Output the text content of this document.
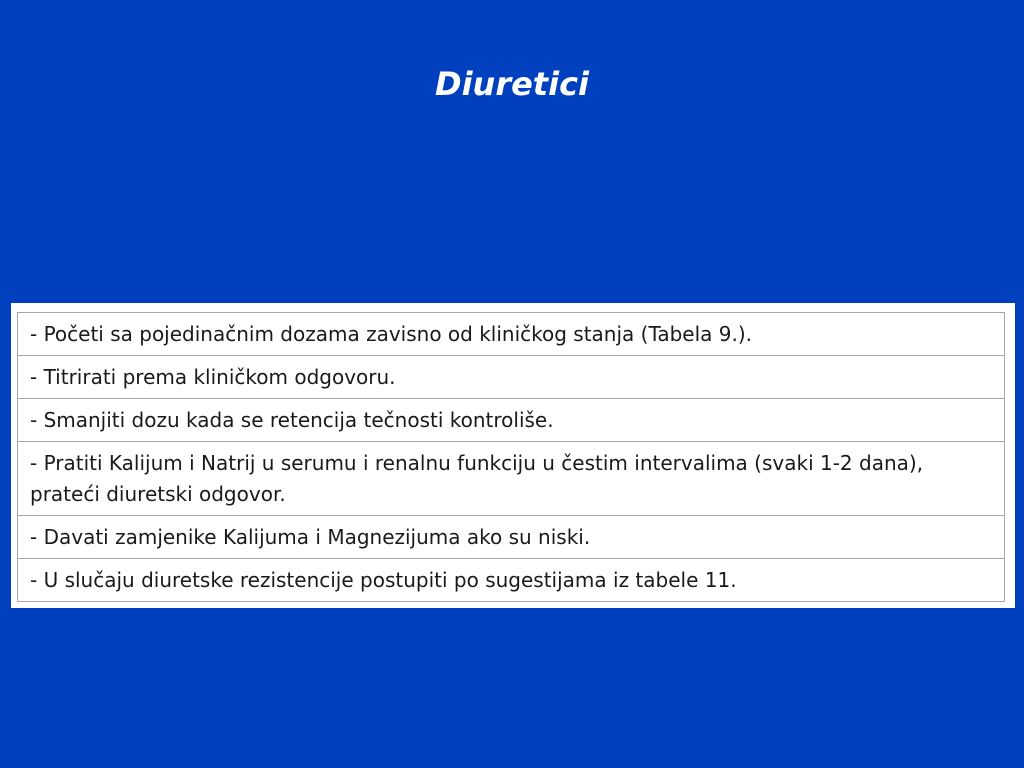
Diuretici
- Početi sa pojedinačnim dozama zavisno od kliničkog stanja (Tabela 9.).
- Titrirati prema kliničkom odgovoru.
- Smanjiti dozu kada se retencija tečnosti kontroliše.
- Pratiti Kalijum i Natrij u serumu i renalnu funkciju u čestim intervalima (svaki 1-2 dana), prateći diuretski odgovor.
- Davati zamjenike Kalijuma i Magnezijuma ako su niski.
- U slučaju diuretske rezistencije postupiti po sugestijama iz tabele 11.
